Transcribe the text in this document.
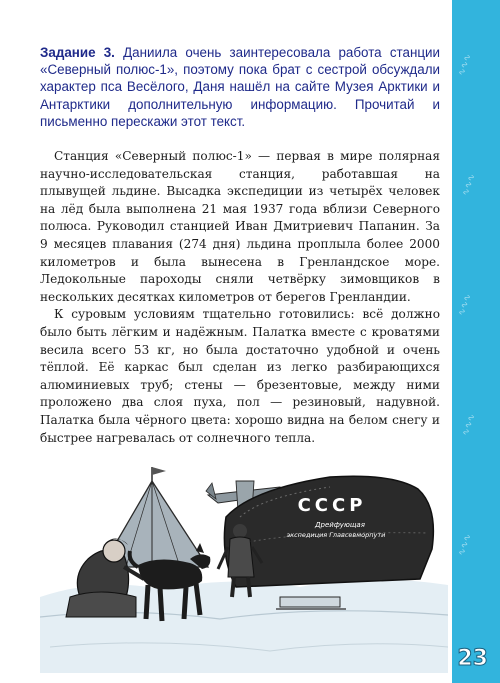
∿∿∿
∿∿∿
∿∿∿
∿∿∿
∿∿∿

Задание 3. Даниила очень заинтересовала работа станции «Северный полюс-1», поэтому пока брат с сестрой обсуждали характер пса Весёлого, Даня нашёл на сайте Музея Арктики и Антарктики дополнительную информацию. Прочитай и письменно перескажи этот текст.

Станция «Северный полюс-1» — первая в мире полярная научно-исследовательская станция, работавшая на плывущей льдине. Высадка экспедиции из четырёх человек на лёд была выполнена 21 мая 1937 года вблизи Северного полюса. Руководил станцией Иван Дмитриевич Папанин. За 9 месяцев плавания (274 дня) льдина проплыла более 2000 километров и была вынесена в Гренландское море. Ледокольные пароходы сняли четвёрку зимовщиков в нескольких десятках километров от берегов Гренландии.

К суровым условиям тщательно готовились: всё должно было быть лёгким и надёжным. Палатка вместе с кроватями весила всего 53 кг, но была достаточно удобной и очень тёплой. Её каркас был сделан из легко разбирающихся алюминиевых труб; стены — брезентовые, между ними проложено два слоя пуха, пол — резиновый, надувной. Палатка была чёрного цвета: хорошо видна на белом снегу и быстрее нагревалась от солнечного тепла.

СССР
Дрейфующая
экспедиция Главсевморпути
23
